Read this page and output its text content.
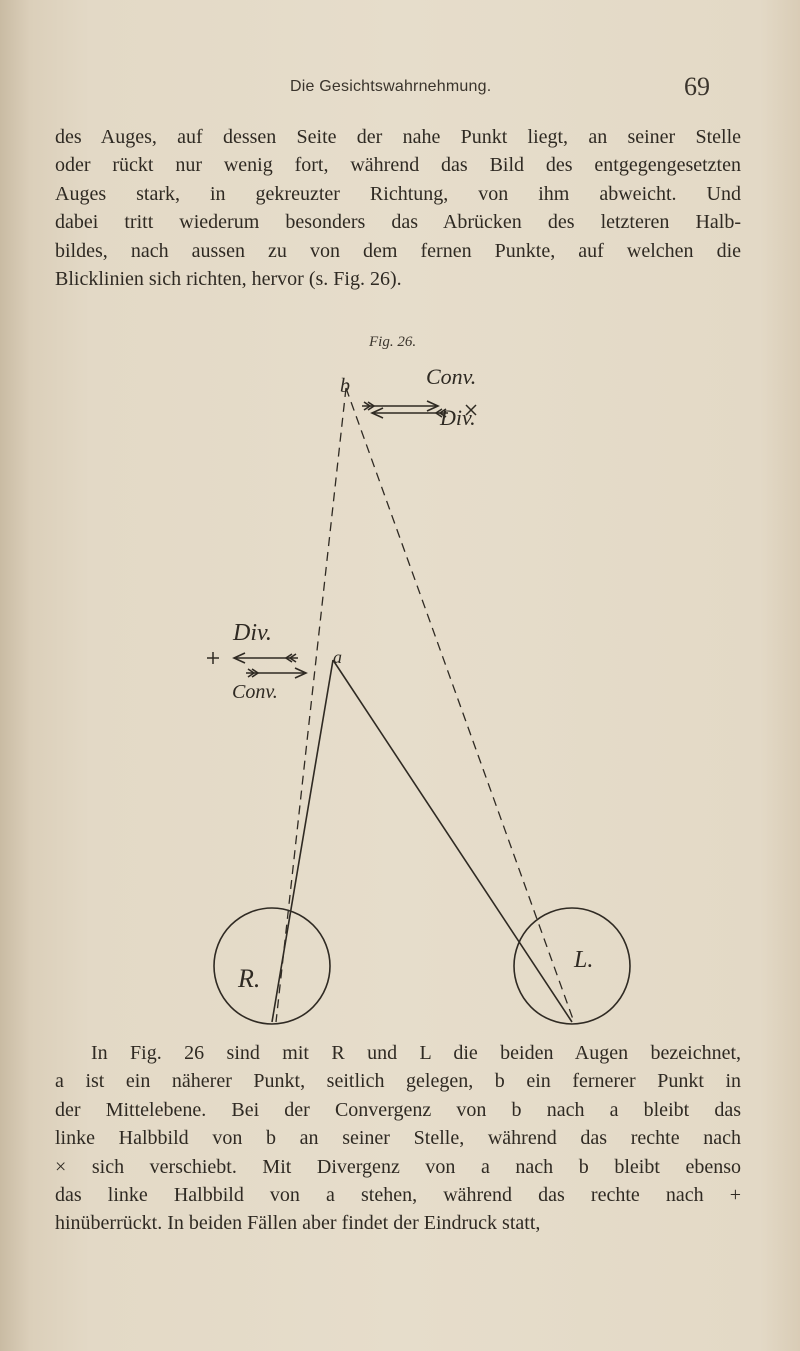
Die Gesichtswahrnehmung.	69
des Auges, auf dessen Seite der nahe Punkt liegt, an seiner Stelle
oder rückt nur wenig fort, während das Bild des entgegengesetzten
Auges stark, in gekreuzter Richtung, von ihm abweicht. Und
dabei tritt wiederum besonders das Abrücken des letzteren Halb-
bildes, nach aussen zu von dem fernen Punkte, auf welchen die
Blicklinien sich richten, hervor (s. Fig. 26).
Fig. 26.
Conv.
Div.
Div.
Conv.
b
a
R.
L.
In Fig. 26 sind mit R und L die beiden Augen bezeichnet,
a ist ein näherer Punkt, seitlich gelegen, b ein fernerer Punkt in
der Mittelebene. Bei der Convergenz von b nach a bleibt das
linke Halbbild von b an seiner Stelle, während das rechte nach
× sich verschiebt. Mit Divergenz von a nach b bleibt ebenso
das linke Halbbild von a stehen, während das rechte nach +
hinüberrückt. In beiden Fällen aber findet der Eindruck statt,
